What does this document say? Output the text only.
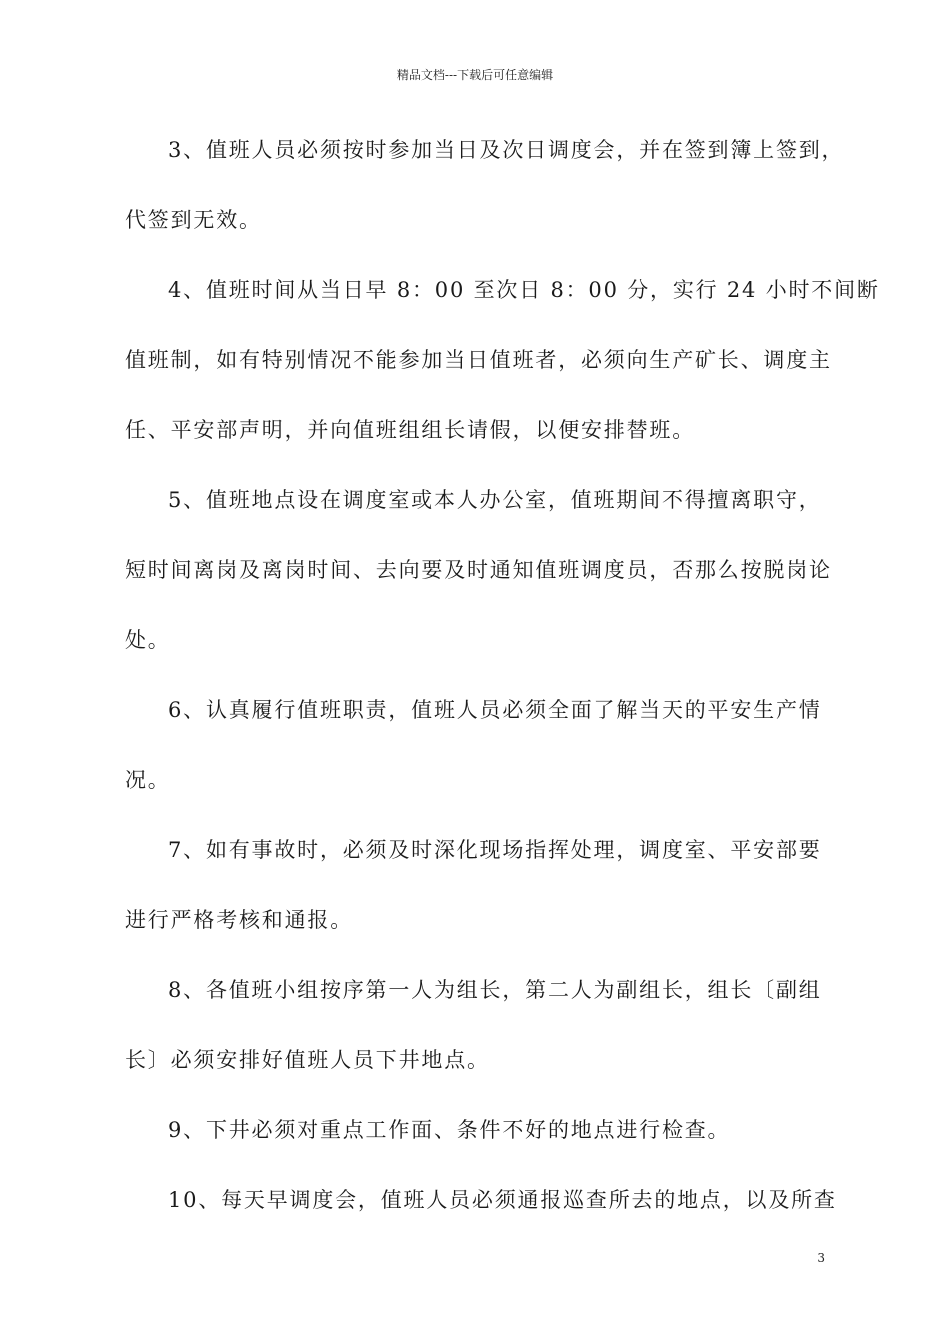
精品文档---下载后可任意编辑
3、值班人员必须按时参加当日及次日调度会，并在签到簿上签到，
代签到无效。
4、值班时间从当日早 8：00 至次日 8：00 分，实行 24 小时不间断
值班制，如有特别情况不能参加当日值班者，必须向生产矿长、调度主
任、平安部声明，并向值班组组长请假，以便安排替班。
5、值班地点设在调度室或本人办公室，值班期间不得擅离职守，
短时间离岗及离岗时间、去向要及时通知值班调度员，否那么按脱岗论
处。
6、认真履行值班职责，值班人员必须全面了解当天的平安生产情
况。
7、如有事故时，必须及时深化现场指挥处理，调度室、平安部要
进行严格考核和通报。
8、各值班小组按序第一人为组长，第二人为副组长，组长〔副组
长〕必须安排好值班人员下井地点。
9、下井必须对重点工作面、条件不好的地点进行检查。
10、每天早调度会，值班人员必须通报巡查所去的地点，以及所查
3
